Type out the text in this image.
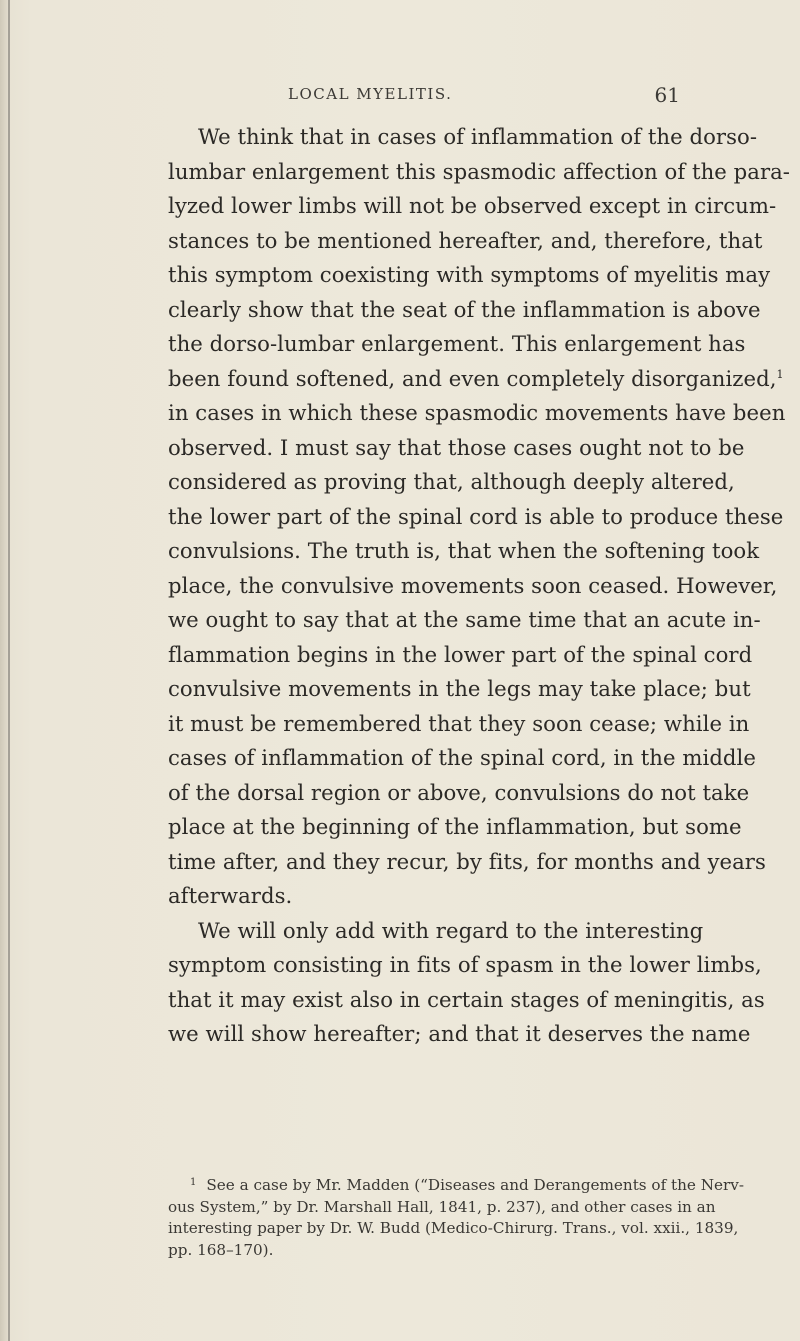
LOCAL MYELITIS.	61

We think that in cases of inflammation of the dorso-
lumbar enlargement this spasmodic affection of the para-
lyzed lower limbs will not be observed except in circum-
stances to be mentioned hereafter, and, therefore, that
this symptom coexisting with symptoms of myelitis may
clearly show that the seat of the inflammation is above
the dorso-lumbar enlargement. This enlargement has
been found softened, and even completely disorganized,$^1$
in cases in which these spasmodic movements have been
observed. I must say that those cases ought not to be
considered as proving that, although deeply altered,
the lower part of the spinal cord is able to produce these
convulsions. The truth is, that when the softening took
place, the convulsive movements soon ceased. However,
we ought to say that at the same time that an acute in-
flammation begins in the lower part of the spinal cord
convulsive movements in the legs may take place; but
it must be remembered that they soon cease; while in
cases of inflammation of the spinal cord, in the middle
of the dorsal region or above, convulsions do not take
place at the beginning of the inflammation, but some
time after, and they recur, by fits, for months and years
afterwards.

We will only add with regard to the interesting
symptom consisting in fits of spasm in the lower limbs,
that it may exist also in certain stages of meningitis, as
we will show hereafter; and that it deserves the name

$^1$ See a case by Mr. Madden (“Diseases and Derangements of the Nerv-
ous System,” by Dr. Marshall Hall, 1841, p. 237), and other cases in an
interesting paper by Dr. W. Budd (Medico-Chirurg. Trans., vol. xxii., 1839,
pp. 168–170).
